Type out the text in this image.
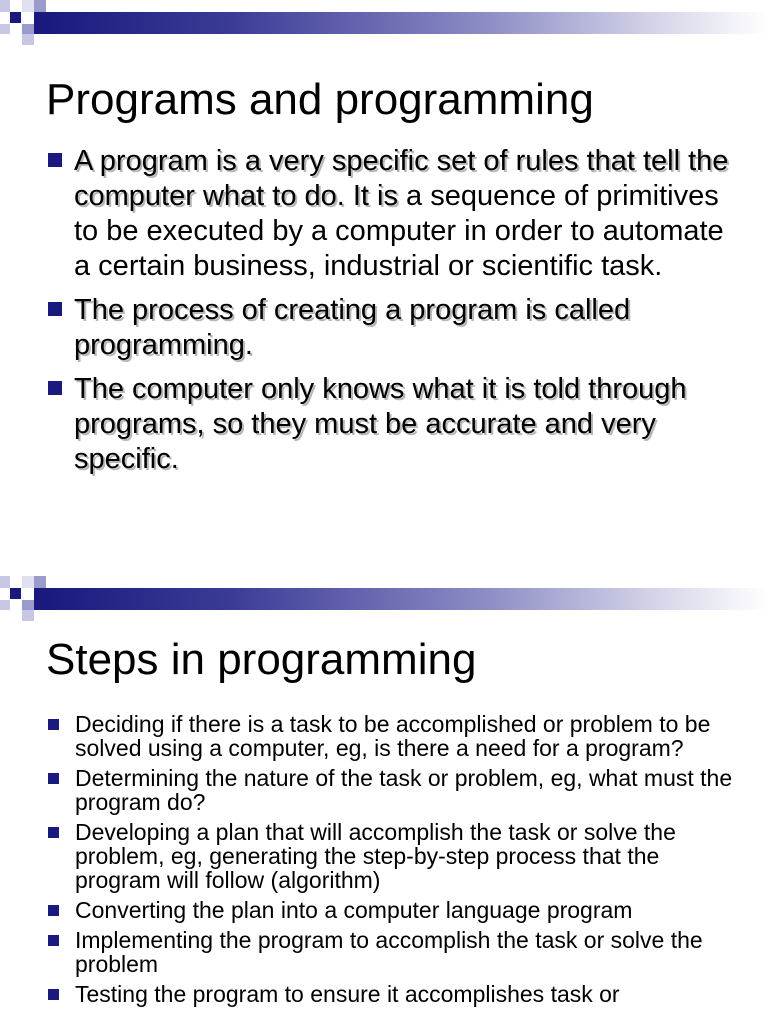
Programs and programming
A program is a very specific set of rules that tell the computer what to do. It is a sequence of primitives to be executed by a computer in order to automate a certain business, industrial or scientific task.
The process of creating a program is called programming.
The computer only knows what it is told through programs, so they must be accurate and very specific.
Steps in programming
Deciding if there is a task to be accomplished or problem to be solved using a computer, eg, is there a need for a program?
Determining the nature of the task or problem, eg, what must the program do?
Developing a plan that will accomplish the task or solve the problem, eg, generating the step-by-step process that the program will follow (algorithm)
Converting the plan into a computer language program
Implementing the program to accomplish the task or solve the problem
Testing the program to ensure it accomplishes task or
